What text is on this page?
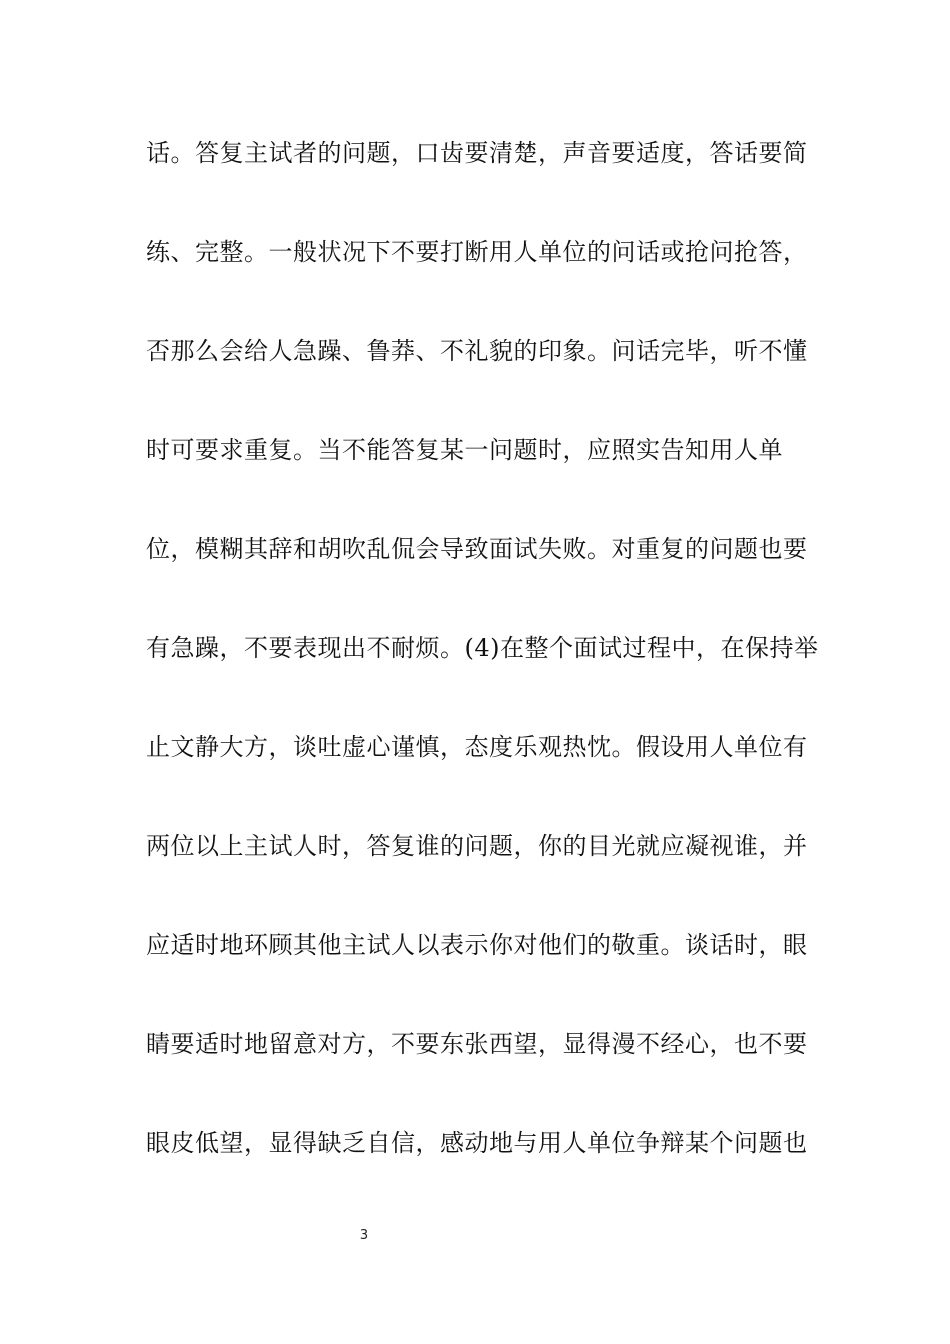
话。答复主试者的问题，口齿要清楚，声音要适度，答话要简
练、完整。一般状况下不要打断用人单位的问话或抢问抢答，
否那么会给人急躁、鲁莽、不礼貌的印象。问话完毕，听不懂
时可要求重复。当不能答复某一问题时，应照实告知用人单
位，模糊其辞和胡吹乱侃会导致面试失败。对重复的问题也要
有急躁，不要表现出不耐烦。(4)在整个面试过程中，在保持举
止文静大方，谈吐虚心谨慎，态度乐观热忱。假设用人单位有
两位以上主试人时，答复谁的问题，你的目光就应凝视谁，并
应适时地环顾其他主试人以表示你对他们的敬重。谈话时，眼
睛要适时地留意对方，不要东张西望，显得漫不经心，也不要
眼皮低望，显得缺乏自信，感动地与用人单位争辩某个问题也
3
